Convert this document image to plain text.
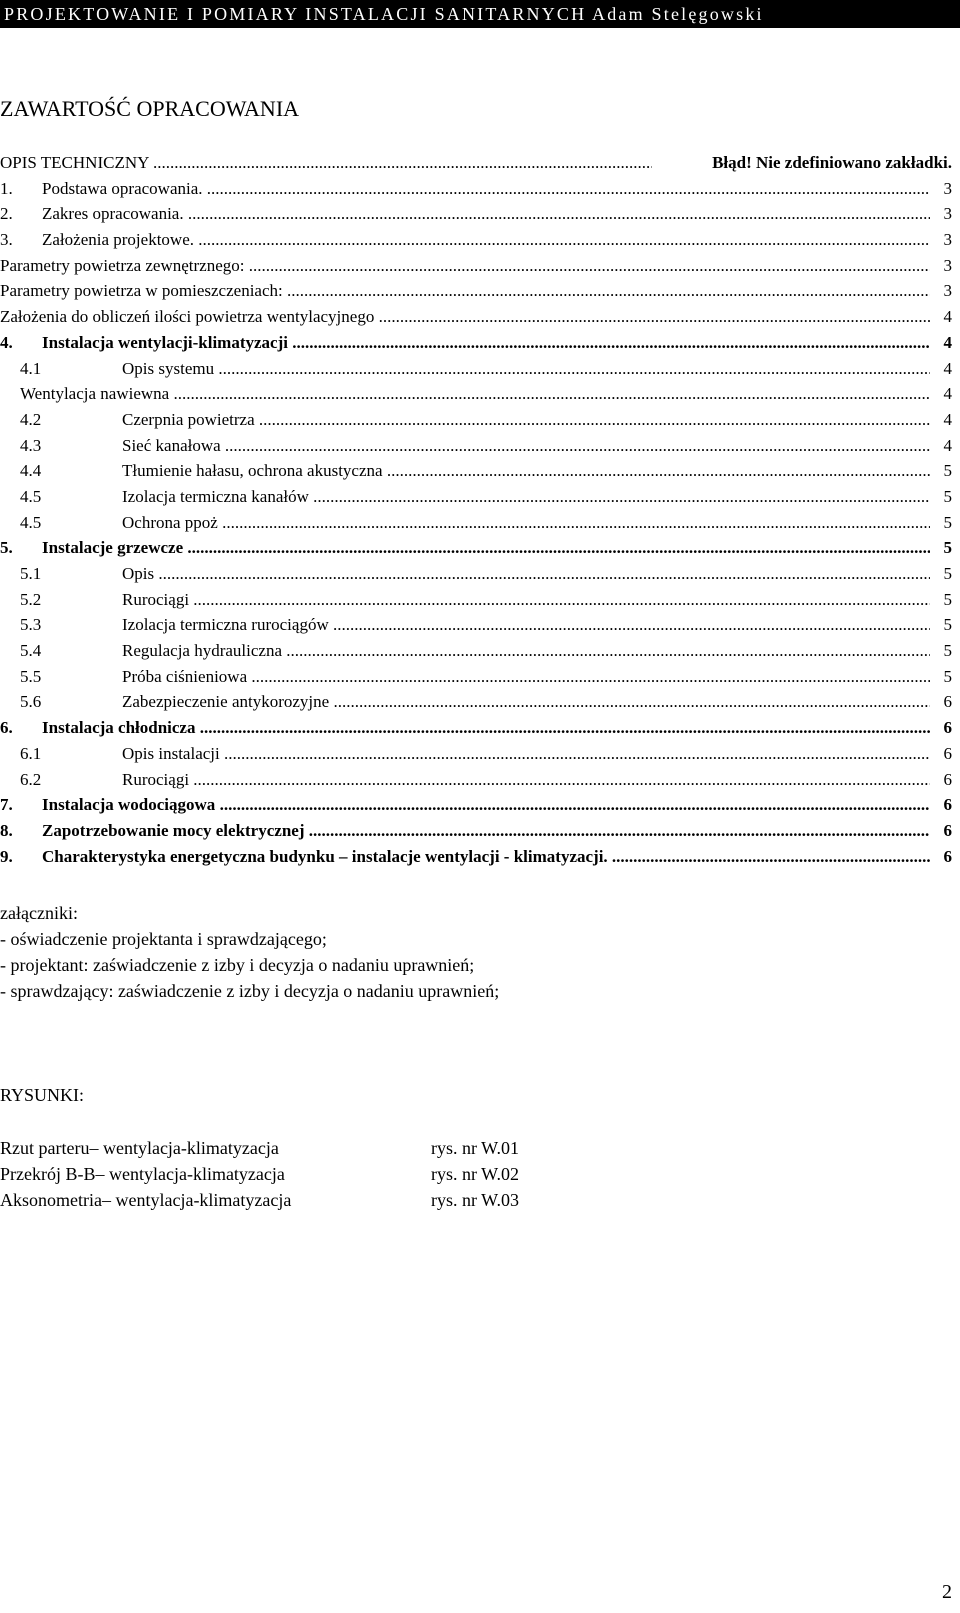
PROJEKTOWANIE I POMIARY INSTALACJI SANITARNYCH Adam Stelęgowski
ZAWARTOŚĆ OPRACOWANIA
OPIS TECHNICZNY .....	Błąd! Nie zdefiniowano zakładki.
1. Podstawa opracowania. .....	3
2. Zakres opracowania. .....	3
3. Założenia projektowe. .....	3
Parametry powietrza zewnętrznego: .....	3
Parametry powietrza w pomieszczeniach: .....	3
Założenia do obliczeń ilości powietrza wentylacyjnego .....	4
4. Instalacja wentylacji-klimatyzacji .....	4
4.1	Opis systemu .....	4
Wentylacja nawiewna .....	4
4.2	Czerpnia powietrza .....	4
4.3	Sieć kanałowa .....	4
4.4	Tłumienie hałasu, ochrona akustyczna .....	5
4.5	Izolacja termiczna kanałów .....	5
4.5	Ochrona ppoż .....	5
5. Instalacje grzewcze .....	5
5.1	Opis .....	5
5.2	Rurociągi .....	5
5.3	Izolacja termiczna rurociągów .....	5
5.4	Regulacja hydrauliczna .....	5
5.5	Próba ciśnieniowa .....	5
5.6	Zabezpieczenie antykorozyjne .....	6
6. Instalacja chłodnicza .....	6
6.1	Opis instalacji .....	6
6.2	Rurociągi .....	6
7. Instalacja wodociągowa .....	6
8. Zapotrzebowanie mocy elektrycznej .....	6
9. Charakterystyka energetyczna budynku – instalacje wentylacji - klimatyzacji. .....	6
załączniki:
- oświadczenie projektanta i sprawdzającego;
- projektant: zaświadczenie z izby i decyzja o nadaniu uprawnień;
- sprawdzający: zaświadczenie z izby i decyzja o nadaniu uprawnień;
RYSUNKI:
Rzut parteru– wentylacja-klimatyzacja	rys. nr W.01
Przekrój B-B– wentylacja-klimatyzacja	rys. nr W.02
Aksonometria– wentylacja-klimatyzacja	rys. nr W.03
2
